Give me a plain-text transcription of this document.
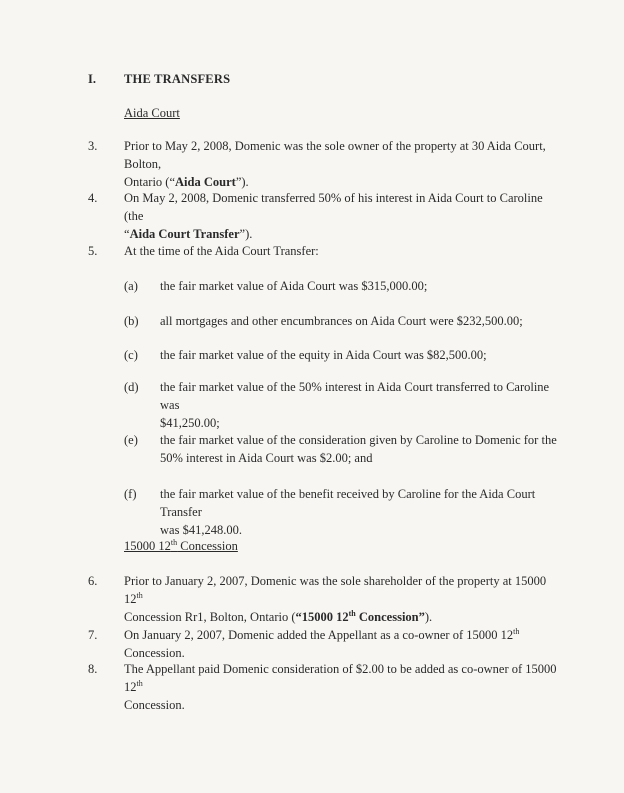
I. THE TRANSFERS
Aida Court
3. Prior to May 2, 2008, Domenic was the sole owner of the property at 30 Aida Court, Bolton,
Ontario (“Aida Court”).
4. On May 2, 2008, Domenic transferred 50% of his interest in Aida Court to Caroline (the
“Aida Court Transfer”).
5. At the time of the Aida Court Transfer:
(a) the fair market value of Aida Court was $315,000.00;
(b) all mortgages and other encumbrances on Aida Court were $232,500.00;
(c) the fair market value of the equity in Aida Court was $82,500.00;
(d) the fair market value of the 50% interest in Aida Court transferred to Caroline was
$41,250.00;
(e) the fair market value of the consideration given by Caroline to Domenic for the
50% interest in Aida Court was $2.00; and
(f) the fair market value of the benefit received by Caroline for the Aida Court Transfer
was $41,248.00.
15000 12th Concession
6. Prior to January 2, 2007, Domenic was the sole shareholder of the property at 15000 12th
Concession Rr1, Bolton, Ontario (“15000 12th Concession”).
7. On January 2, 2007, Domenic added the Appellant as a co-owner of 15000 12th Concession.
8. The Appellant paid Domenic consideration of $2.00 to be added as co-owner of 15000 12th
Concession.
